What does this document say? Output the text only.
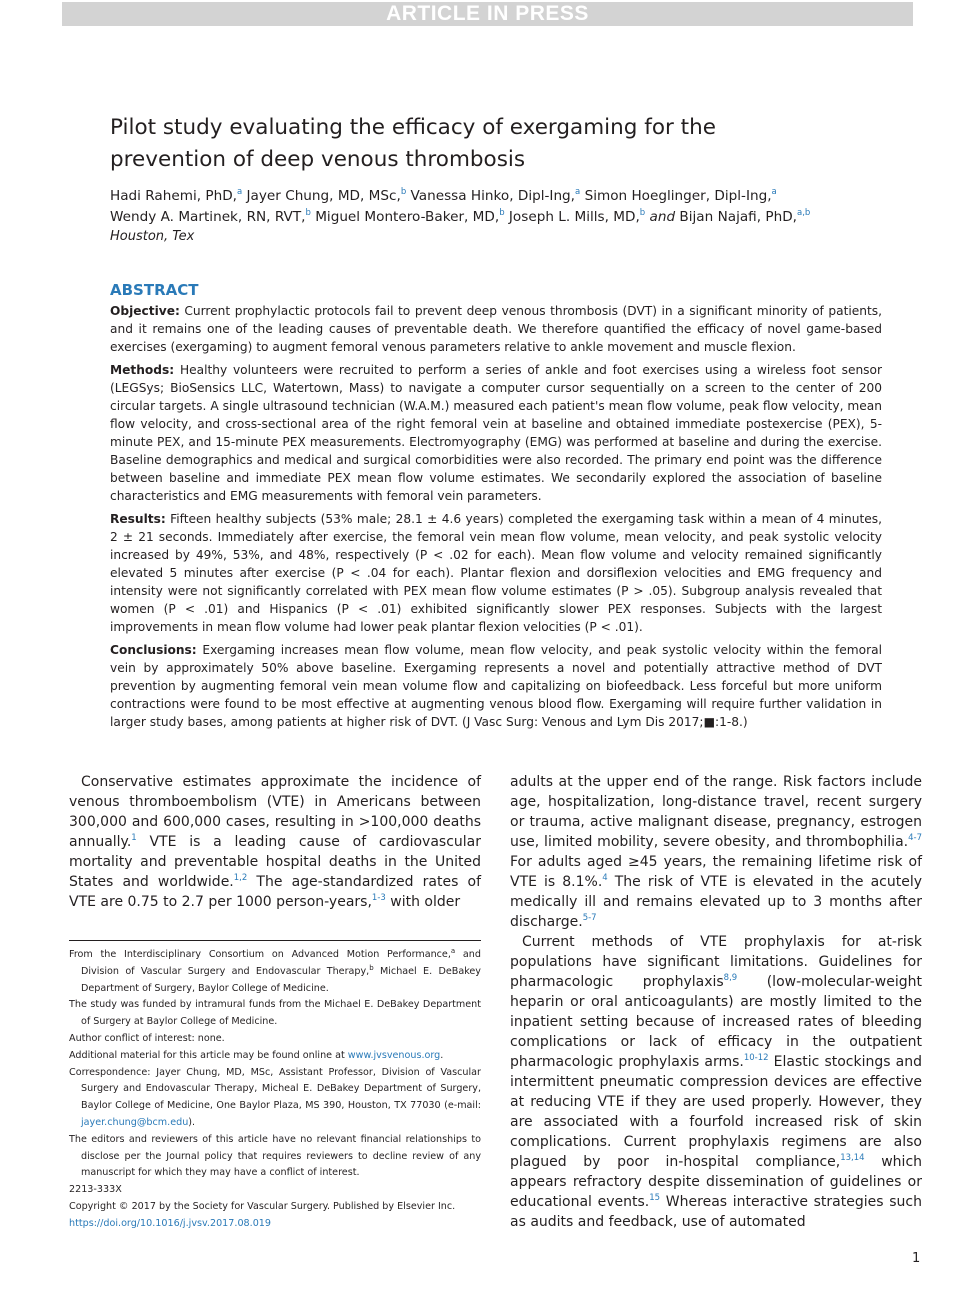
ARTICLE IN PRESS
Pilot study evaluating the efficacy of exergaming for the
prevention of deep venous thrombosis
Hadi Rahemi, PhD,$^a$ Jayer Chung, MD, MSc,$^b$ Vanessa Hinko, Dipl-Ing,$^a$ Simon Hoeglinger, Dipl-Ing,$^a$
Wendy A. Martinek, RN, RVT,$^b$ Miguel Montero-Baker, MD,$^b$ Joseph L. Mills, MD,$^b$ and Bijan Najafi, PhD,$^{a,b}$
Houston, Tex
ABSTRACT

Objective: Current prophylactic protocols fail to prevent deep venous thrombosis (DVT) in a significant minority of patients, and it remains one of the leading causes of preventable death. We therefore quantified the efficacy of novel game-based exercises (exergaming) to augment femoral venous parameters relative to ankle movement and muscle flexion.

Methods: Healthy volunteers were recruited to perform a series of ankle and foot exercises using a wireless foot sensor (LEGSys; BioSensics LLC, Watertown, Mass) to navigate a computer cursor sequentially on a screen to the center of 200 circular targets. A single ultrasound technician (W.A.M.) measured each patient's mean flow volume, peak flow velocity, mean flow velocity, and cross-sectional area of the right femoral vein at baseline and obtained immediate postexercise (PEX), 5-minute PEX, and 15-minute PEX measurements. Electromyography (EMG) was performed at baseline and during the exercise. Baseline demographics and medical and surgical comorbidities were also recorded. The primary end point was the difference between baseline and immediate PEX mean flow volume estimates. We secondarily explored the association of baseline characteristics and EMG measurements with femoral vein parameters.

Results: Fifteen healthy subjects (53% male; 28.1 ± 4.6 years) completed the exergaming task within a mean of 4 minutes, 2 ± 21 seconds. Immediately after exercise, the femoral vein mean flow volume, mean velocity, and peak systolic velocity increased by 49%, 53%, and 48%, respectively (P < .02 for each). Mean flow volume and velocity remained significantly elevated 5 minutes after exercise (P < .04 for each). Plantar flexion and dorsiflexion velocities and EMG frequency and intensity were not significantly correlated with PEX mean flow volume estimates (P > .05). Subgroup analysis revealed that women (P < .01) and Hispanics (P < .01) exhibited significantly slower PEX responses. Subjects with the largest improvements in mean flow volume had lower peak plantar flexion velocities (P < .01).

Conclusions: Exergaming increases mean flow volume, mean flow velocity, and peak systolic velocity within the femoral vein by approximately 50% above baseline. Exergaming represents a novel and potentially attractive method of DVT prevention by augmenting femoral vein mean volume flow and capitalizing on biofeedback. Less forceful but more uniform contractions were found to be most effective at augmenting venous blood flow. Exergaming will require further validation in larger study bases, among patients at higher risk of DVT. (J Vasc Surg: Venous and Lym Dis 2017;■:1-8.)

Conservative estimates approximate the incidence of venous thromboembolism (VTE) in Americans between 300,000 and 600,000 cases, resulting in >100,000 deaths annually.$^1$ VTE is a leading cause of cardiovascular mortality and preventable hospital deaths in the United States and worldwide.$^{1,2}$ The age-standardized rates of VTE are 0.75 to 2.7 per 1000 person-years,$^{1-3}$ with older

From the Interdisciplinary Consortium on Advanced Motion Performance,$^a$ and Division of Vascular Surgery and Endovascular Therapy,$^b$ Michael E. DeBakey Department of Surgery, Baylor College of Medicine.
The study was funded by intramural funds from the Michael E. DeBakey Department of Surgery at Baylor College of Medicine.
Author conflict of interest: none.
Additional material for this article may be found online at www.jvsvenous.org.
Correspondence: Jayer Chung, MD, MSc, Assistant Professor, Division of Vascular Surgery and Endovascular Therapy, Micheal E. DeBakey Department of Surgery, Baylor College of Medicine, One Baylor Plaza, MS 390, Houston, TX 77030 (e-mail: jayer.chung@bcm.edu).
The editors and reviewers of this article have no relevant financial relationships to disclose per the Journal policy that requires reviewers to decline review of any manuscript for which they may have a conflict of interest.
2213-333X
Copyright © 2017 by the Society for Vascular Surgery. Published by Elsevier Inc.
https://doi.org/10.1016/j.jvsv.2017.08.019

adults at the upper end of the range. Risk factors include age, hospitalization, long-distance travel, recent surgery or trauma, active malignant disease, pregnancy, estrogen use, limited mobility, severe obesity, and thrombophilia.$^{4-7}$ For adults aged ≥45 years, the remaining lifetime risk of VTE is 8.1%.$^4$ The risk of VTE is elevated in the acutely medically ill and remains elevated up to 3 months after discharge.$^{5-7}$

Current methods of VTE prophylaxis for at-risk populations have significant limitations. Guidelines for pharmacologic prophylaxis$^{8,9}$ (low-molecular-weight heparin or oral anticoagulants) are mostly limited to the inpatient setting because of increased rates of bleeding complications or lack of efficacy in the outpatient pharmacologic prophylaxis arms.$^{10-12}$ Elastic stockings and intermittent pneumatic compression devices are effective at reducing VTE if they are used properly. However, they are associated with a fourfold increased risk of skin complications. Current prophylaxis regimens are also plagued by poor in-hospital compliance,$^{13,14}$ which appears refractory despite dissemination of guidelines or educational events.$^{15}$ Whereas interactive strategies such as audits and feedback, use of automated

1
